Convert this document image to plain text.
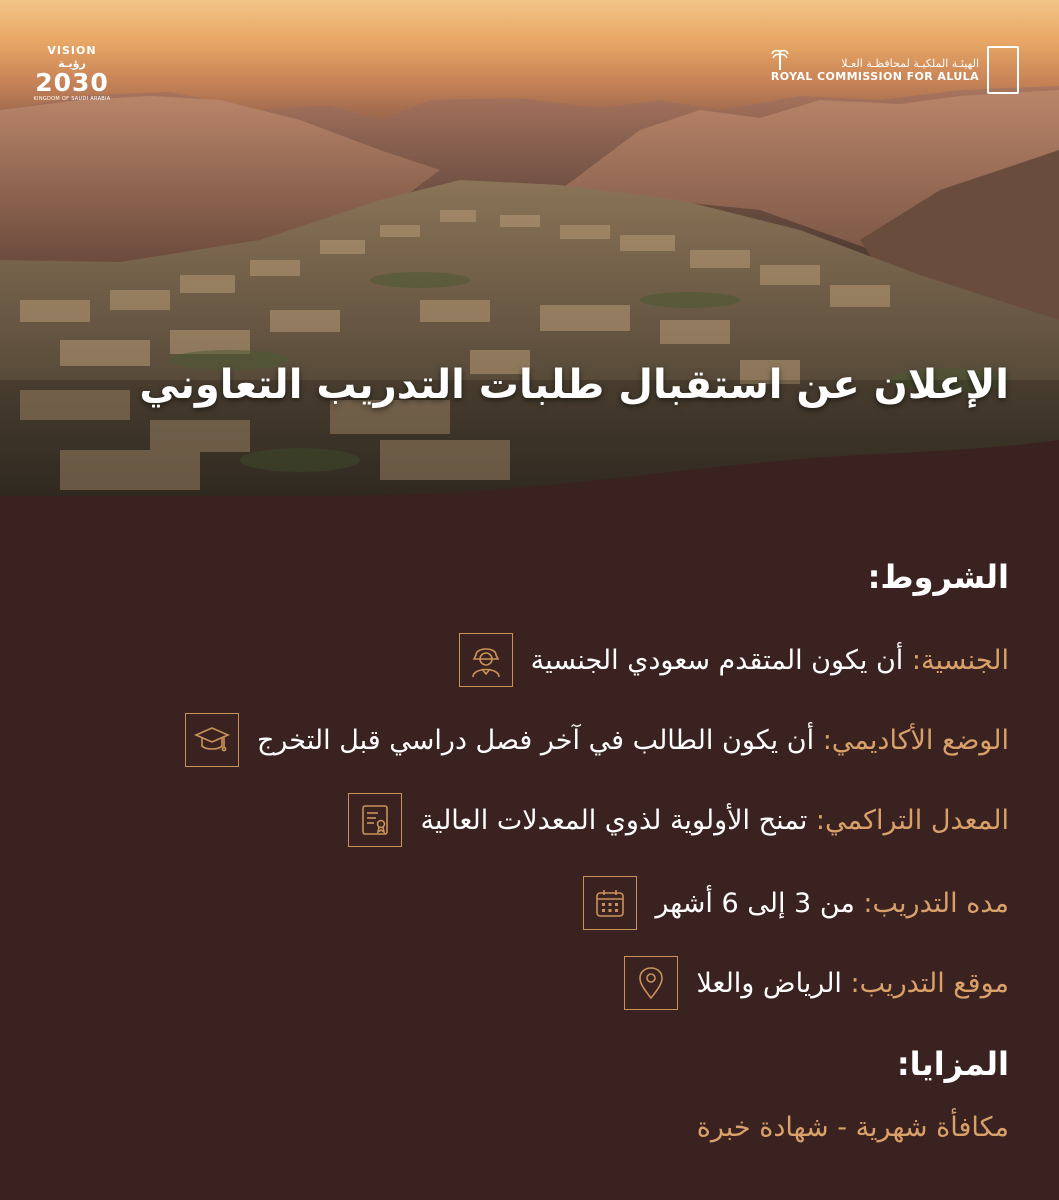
VISION رؤيـة
2030
KINGDOM OF SAUDI ARABIA
الهيئـة الملكيـة لمحافظـة العـلا
ROYAL COMMISSION FOR ALULA
الإعلان عن استقبال طلبات التدريب التعاوني
الشروط:
الجنسية: أن يكون المتقدم سعودي الجنسية
الوضع الأكاديمي: أن يكون الطالب في آخر فصل دراسي قبل التخرج
المعدل التراكمي: تمنح الأولوية لذوي المعدلات العالية
مده التدريب: من 3 إلى 6 أشهر
موقع التدريب: الرياض والعلا
المزايا:
مكافأة شهرية - شهادة خبرة
